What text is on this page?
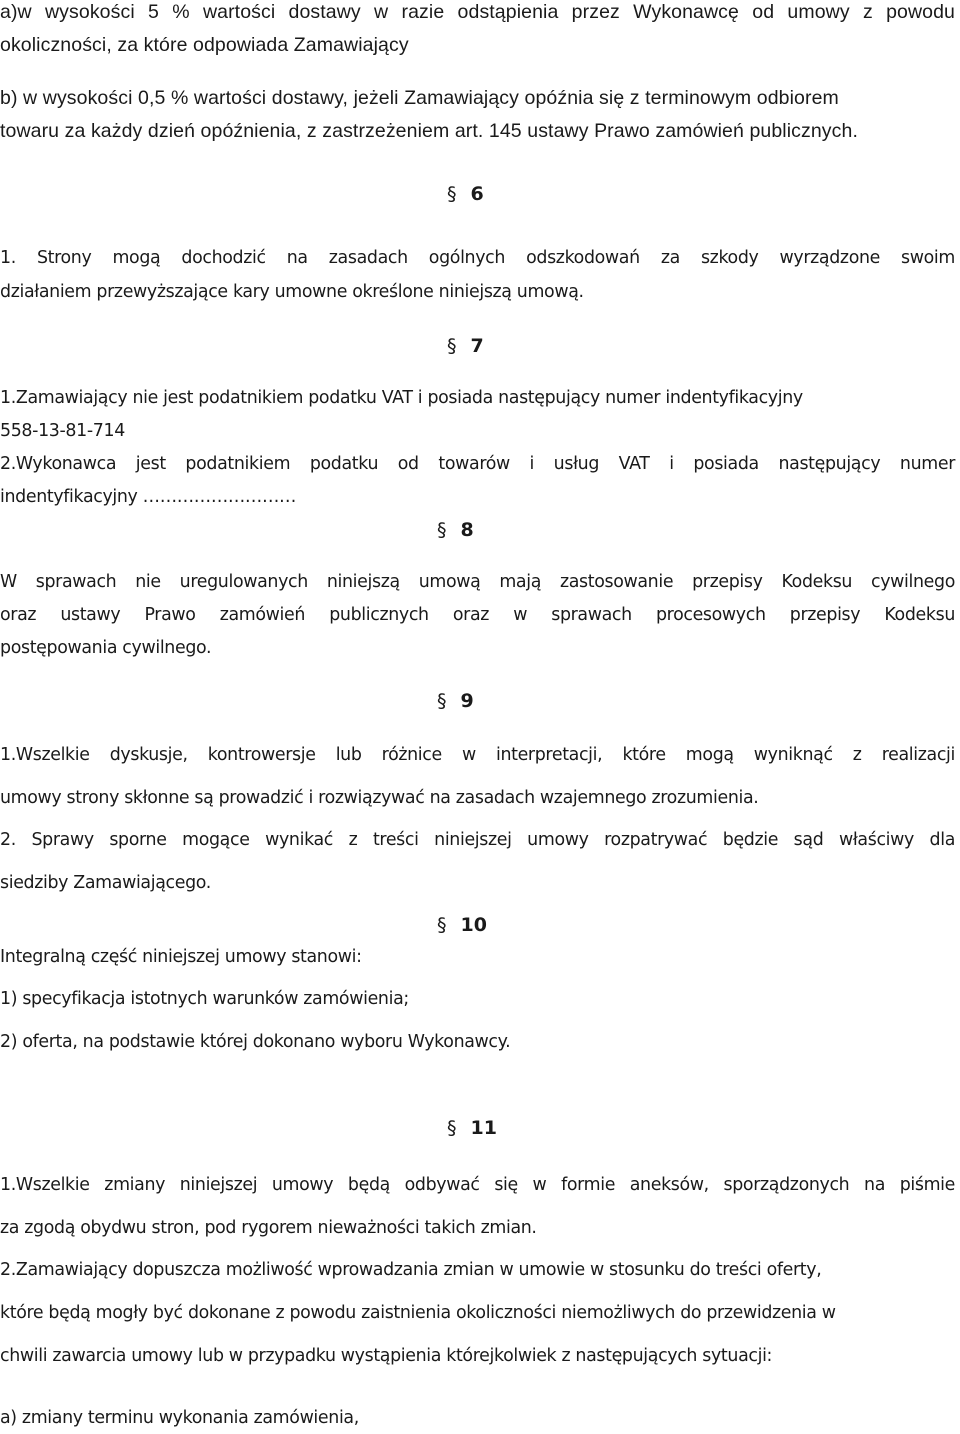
a)w wysokości 5 % wartości dostawy w razie odstąpienia przez Wykonawcę od umowy z powodu
okoliczności, za które odpowiada Zamawiający
b) w wysokości 0,5 % wartości dostawy, jeżeli Zamawiający opóźnia się z terminowym odbiorem
towaru za każdy dzień opóźnienia, z zastrzeżeniem art. 145 ustawy Prawo zamówień publicznych.
§ 6
1. Strony mogą dochodzić na zasadach ogólnych odszkodowań za szkody wyrządzone swoim
działaniem przewyższające kary umowne określone niniejszą umową.
§ 7
1.Zamawiający nie jest podatnikiem podatku VAT i posiada następujący numer indentyfikacyjny
558-13-81-714
2.Wykonawca jest podatnikiem podatku od towarów i usług VAT i posiada następujący numer
indentyfikacyjny ………………………
§ 8
W sprawach nie uregulowanych niniejszą umową mają zastosowanie przepisy Kodeksu cywilnego
oraz ustawy Prawo zamówień publicznych oraz w sprawach procesowych przepisy Kodeksu
postępowania cywilnego.
§ 9
1.Wszelkie dyskusje, kontrowersje lub różnice w interpretacji, które mogą wyniknąć z realizacji
umowy strony skłonne są prowadzić i rozwiązywać na zasadach wzajemnego zrozumienia.
2. Sprawy sporne mogące wynikać z treści niniejszej umowy rozpatrywać będzie sąd właściwy dla
siedziby Zamawiającego.
§ 10
Integralną część niniejszej umowy stanowi:
1) specyfikacja istotnych warunków zamówienia;
2) oferta, na podstawie której dokonano wyboru Wykonawcy.
§ 11
1.Wszelkie zmiany niniejszej umowy będą odbywać się w formie aneksów, sporządzonych na piśmie
za zgodą obydwu stron, pod rygorem nieważności takich zmian.
2.Zamawiający dopuszcza możliwość wprowadzania zmian w umowie w stosunku do treści oferty,
które będą mogły być dokonane z powodu zaistnienia okoliczności niemożliwych do przewidzenia w
chwili zawarcia umowy lub w przypadku wystąpienia którejkolwiek z następujących sytuacji:
a) zmiany terminu wykonania zamówienia,
